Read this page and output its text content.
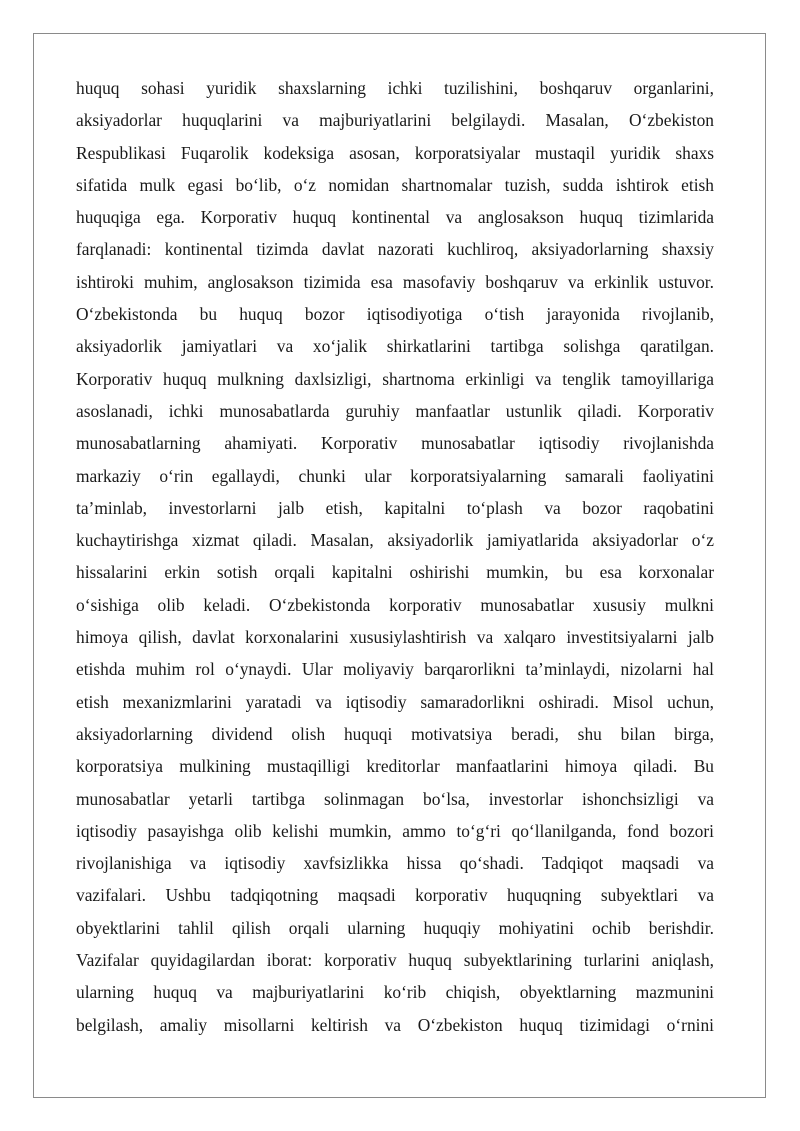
huquq sohasi yuridik shaxslarning ichki tuzilishini, boshqaruv organlarini,
aksiyadorlar huquqlarini va majburiyatlarini belgilaydi. Masalan, O‘zbekiston
Respublikasi Fuqarolik kodeksiga asosan, korporatsiyalar mustaqil yuridik shaxs
sifatida mulk egasi bo‘lib, o‘z nomidan shartnomalar tuzish, sudda ishtirok etish
huquqiga ega. Korporativ huquq kontinental va anglosakson huquq tizimlarida
farqlanadi: kontinental tizimda davlat nazorati kuchliroq, aksiyadorlarning shaxsiy
ishtiroki muhim, anglosakson tizimida esa masofaviy boshqaruv va erkinlik ustuvor.
O‘zbekistonda bu huquq bozor iqtisodiyotiga o‘tish jarayonida rivojlanib,
aksiyadorlik jamiyatlari va xo‘jalik shirkatlarini tartibga solishga qaratilgan.
Korporativ huquq mulkning daxlsizligi, shartnoma erkinligi va tenglik tamoyillariga
asoslanadi, ichki munosabatlarda guruhiy manfaatlar ustunlik qiladi. Korporativ
munosabatlarning ahamiyati. Korporativ munosabatlar iqtisodiy rivojlanishda
markaziy o‘rin egallaydi, chunki ular korporatsiyalarning samarali faoliyatini
ta’minlab, investorlarni jalb etish, kapitalni to‘plash va bozor raqobatini
kuchaytirishga xizmat qiladi. Masalan, aksiyadorlik jamiyatlarida aksiyadorlar o‘z
hissalarini erkin sotish orqali kapitalni oshirishi mumkin, bu esa korxonalar
o‘sishiga olib keladi. O‘zbekistonda korporativ munosabatlar xususiy mulkni
himoya qilish, davlat korxonalarini xususiylashtirish va xalqaro investitsiyalarni jalb
etishda muhim rol o‘ynaydi. Ular moliyaviy barqarorlikni ta’minlaydi, nizolarni hal
etish mexanizmlarini yaratadi va iqtisodiy samaradorlikni oshiradi. Misol uchun,
aksiyadorlarning dividend olish huquqi motivatsiya beradi, shu bilan birga,
korporatsiya mulkining mustaqilligi kreditorlar manfaatlarini himoya qiladi. Bu
munosabatlar yetarli tartibga solinmagan bo‘lsa, investorlar ishonchsizligi va
iqtisodiy pasayishga olib kelishi mumkin, ammo to‘g‘ri qo‘llanilganda, fond bozori
rivojlanishiga va iqtisodiy xavfsizlikka hissa qo‘shadi. Tadqiqot maqsadi va
vazifalari. Ushbu tadqiqotning maqsadi korporativ huquqning subyektlari va
obyektlarini tahlil qilish orqali ularning huquqiy mohiyatini ochib berishdir.
Vazifalar quyidagilardan iborat: korporativ huquq subyektlarining turlarini aniqlash,
ularning huquq va majburiyatlarini ko‘rib chiqish, obyektlarning mazmunini
belgilash, amaliy misollarni keltirish va O‘zbekiston huquq tizimidagi o‘rnini
